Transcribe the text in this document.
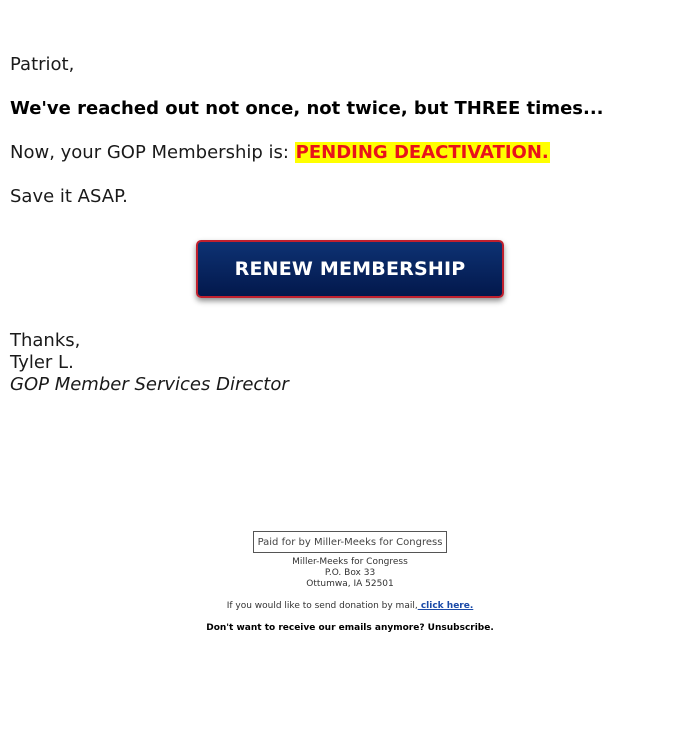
Patriot,

We've reached out not once, not twice, but THREE times...

Now, your GOP Membership is: PENDING DEACTIVATION.

Save it ASAP.

RENEW MEMBERSHIP
Thanks,
Tyler L.
GOP Member Services Director
Paid for by Miller-Meeks for Congress
Miller-Meeks for Congress
P.O. Box 33
Ottumwa, IA 52501
If you would like to send donation by mail, click here.
Don't want to receive our emails anymore? Unsubscribe.
